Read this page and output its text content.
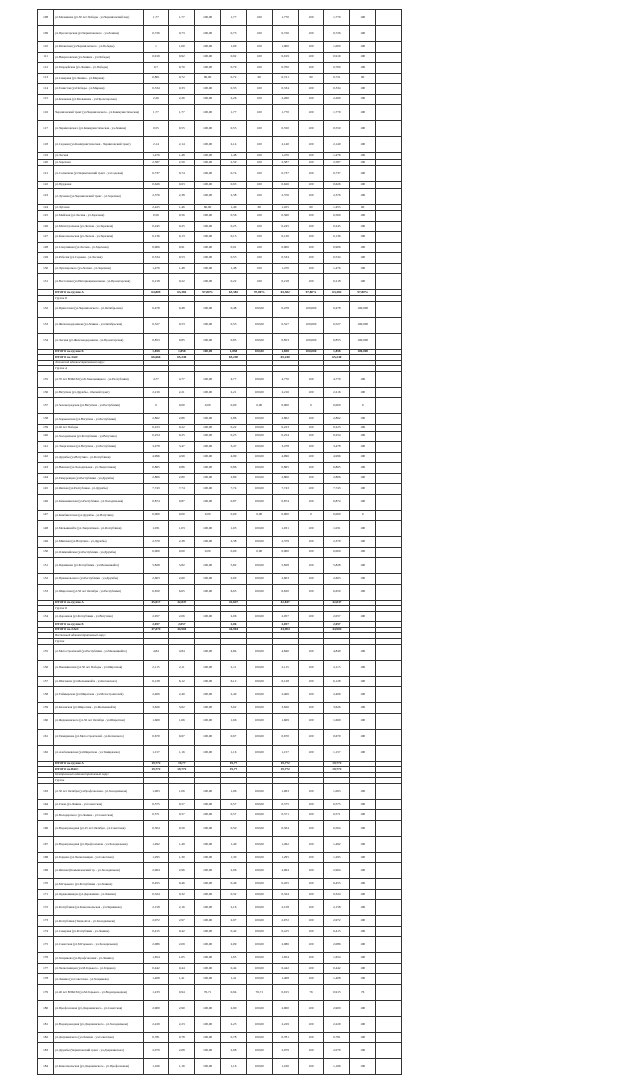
108	ул.Малышева (ул.50 лет Победы - ул.Черниговский пер)	1,77	1,77	100,00	1,77	100	1,770	100	1,770	100	
109	ул.Пролетарская (ул.Черниговского - ул.Ленина)	0,726	0,73	100,00	0,73	100	0,726	100	0,726	100	
110	ул.Рязанская (ул.Черниговского - ул.Победы)	1	1,00	100,00	1,00	100	1,000	100	1,000	100	
111	ул.Некрасовская (ул.Ленина - ул.Победы)	0,919	0,92	100,00	0,92	100	0,919	100	0,919	100	
112	ул.Гвардейская (ул.Ленина - ул.Победы)	0,7	0,70	100,00	0,70	100	0,700	100	0,700	100	
113	ул.Северная (ул.Ленина - ул.Мирная)	0,801	0,72	90,00	0,72	90	0,721	90	0,721	90	
114	ул.Тенистая (ул.Победы - ул.Мирная)	0,334	0,33	100,00	0,33	100	0,334	100	0,334	100	
115	ул.Кленовая (ул.Малышева - ул.Пролетарская)	2,26	2,26	100,00	2,26	100	2,260	100	2,260	100	
116	Черниговский тракт (ул.Черниговского - ул.Коммунистическая)	1,77	1,77	100,00	1,77	100	1,770	100	1,770	100	
117	ул.Черниговского (ул.Коммунистическая - ул.Ленина)	0,55	0,55	100,00	0,55	100	0,550	100	0,550	100	
118	ул.Садовая (ул.Коммунистическая - Черниговский тракт)	2,14	2,14	100,00	2,14	100	2,140	100	2,140	100	
119	ул.Лесная	1,476	1,48	100,00	1,48	100	1,476	100	1,476	100	
120	ул.Заречная	2,587	2,59	100,00	2,59	100	2,587	100	2,587	100	
121	ул.Солнечная (ул.Черниговский тракт - ул.Садовая)	0,737	0,74	100,00	0,74	100	0,737	100	0,737	100	
122	ул.Прудовая	0,626	0,63	100,00	0,63	100	0,626	100	0,626	100	
123	ул.Лучевая (ул.Черниговский тракт - ул.Заречная)	2,376	2,38	100,00	2,38	100	2,376	100	2,376	100	
124	ул.Луговая	2,425	1,46	60,00	1,46	60	1,455	60	1,455	60	
125	ул.Майская (ул.Лесная - ул.Заречная)	0,56	0,56	100,00	0,56	100	0,560	100	0,560	100	
126	ул.Магистральная (ул.Лесная - ул.Заречная)	0,245	0,25	100,00	0,25	100	0,245	100	0,245	100	
127	ул.Комсомольская (ул.Лесная - ул.Заречная)	0,136	0,13	100,00	0,13	100	0,136	100	0,136	100	
128	ул.Спортивная (ул.Лесная - ул.Заречная)	0,906	0,91	100,00	0,91	100	0,906	100	0,906	100	
129	ул.Рабочая (ул.Садовая - ул.Лесная)	0,534	0,53	100,00	0,53	100	0,534	100	0,534	100	
130	ул.Луначарского (ул.Лесная - ул.Заречная)	1,476	1,48	100,00	1,48	100	1,476	100	1,476	100	
131	ул.Восточная (ул.Интернациональная - ул.Пролетарская)	0,218	0,22	100,00	0,22	100	0,218	100	0,218	100	
	ИТОГО по группе А	64,809	63,382	97,80%	63,382	97,80%	63,382	97,80%	63,382	97,80%	
	Группа Б										
132	ул.Приютская (ул.Черниговского - ул.Октябрьская)	0,478	0,48	100,00	0,48	100,00	0,478	100,000	0,478	100,000	
133	ул.Железнодорожная (ул.Ленина - ул.Октябрьская)	0,527	0,53	100,00	0,53	100,00	0,527	100,000	0,527	100,000	
134	ул.Лесная (ул.Железнодорожная - ул.Пролетарская)	0,853	0,85	100,00	0,85	100,00	0,853	100,000	0,853	100,000	
	ИТОГО по группе Б	1,858	1,858	100,00	1,858	100,00	1,858	100,000	1,858	100,000	
	ИТОГО по ЗАО:	66,666	65,240		65,240		65,240		65,240		
	Ленинский административный округ										
	Группа А										
135	ул.70 лет ВЛКСМ (ул.Б.Хмельницкого - ул.Республики)	4,77	4,77	100,00	4,77	100,00	4,770	100	4,770	100	
136	ул.Ватутина (ул.Дружбы - Омский тракт)	2,216	2,21	100,00	2,21	100,00	2,216	100	2,216	100	
137	ул.Зеленоградская (ул.Ватутина - ул.Республики)	0	0,00	0,00	0,00	0,00	0,000	0	0,000	0	
138	ул.Харьковская (ул.Ватутина - ул.Республики)	2,862	2,86	100,00	2,86	100,00	2,862	100	2,862	100	
139	ул.40 лет Победы	0,223	0,22	100,00	0,22	100,00	0,223	100	0,223	100	
140	ул.Холодильная (ул.Республики - ул.Ватутина)	0,254	0,25	100,00	0,25	100,00	0,254	100	0,254	100	
141	ул.Энергетиков (ул.Ватутина - ул.Республики)	3,478	3,47	100,00	3,47	100,00	3,478	100	3,478	100	
142	ул.Дружбы (ул.Ватутина - ул.Республики)	4,996	4,99	100,00	4,99	100,00	4,996	100	4,996	100	
143	ул.Невская (ул.Холодильная - ул.Энергетиков)	0,865	0,86	100,00	0,86	100,00	0,865	100	0,865	100	
144	ул.Тимуровцев (ул.Республики - ул.Дружбы)	2,806	2,80	100,00	2,80	100,00	2,806	100	2,806	100	
145	ул.Ямская (ул.Республики - ул.Дружбы)	7,743	7,74	100,00	7,74	100,00	7,743	100	7,743	100	
146	ул.Камышинская (ул.Республики - ул.Холодильная)	0,874	0,87	100,00	0,87	100,00	0,874	100	0,874	100	
147	ул.Комбинатская (ул.Дружбы - ул.Ватутина)	0,000	0,00	0,00	0,00	0,00	0,000	0	0,000	0	
148	ул.Мельникайте (ул.Энергетиков - ул.Республики)	1,031	1,03	100,00	1,03	100,00	1,031	100	1,031	100	
149	ул.Минская (ул.Ватутина - ул.Дружбы)	2,379	2,38	100,00	2,38	100,00	2,379	100	2,379	100	
150	ул.Олимпийская (ул.Республики - ул.Дружбы)	0,000	0,00	0,00	0,00	0,00	0,000	100	0,000	100	
151	ул.Пермякова (ул.Республики - ул.Мельникайте)	5,828	5,82	100,00	5,82	100,00	5,828	100	5,828	100	
152	ул.Пржевальского (ул.Республики - ул.Дружбы)	2,603	2,60	100,00	2,60	100,00	2,603	100	2,603	100	
153	ул.Широтная (ул.50 лет Октября - ул.Республики)	6,650	6,65	100,00	6,65	100,00	6,650	100	6,650	100	
	ИТОГО по группе А	45,017	42,847		42,847		42,847		42,847		
	Группа Б										
154	ул.Дорожная (ул.Республики - ул.Ватутина)	2,057	2,06	100,00	2,06	100,00	2,057	100	2,057	100	
	ИТОГО по группе Б	2,057	2,057		2,06		2,057		2,057		
	ИТОГО по ЛАО:	47,074	44,904		44,904		44,904		44,904		
	Восточный административный округ										
	Группа										
155	ул.Мотостроителей (ул.Республики - ул.Мельникайте)	4,84	4,84	100,00	4,84	100,00	4,840	100	4,840	100	
156	ул.Пышминская (ул.50 лет Победы - ул.Широтная)	2,115	2,11	100,00	2,11	100,00	2,115	100	2,115	100	
157	ул.Шаганова (ул.Мельникайте - ул.Котовского)	6,128	6,12	100,00	6,12	100,00	6,128	100	6,128	100	
158	ул.Таймырская (ул.Широтная - ул.Мотостроителей)	2,406	2,40	100,00	2,40	100,00	2,406	100	2,406	100	
159	ул.Казанская (ул.Широтная - ул.Мельникайте)	3,626	3,62	100,00	3,62	100,00	3,626	100	3,626	100	
160	ул.Федюнинского (ул.50 лет Октября - ул.Широтная)	1,669	1,66	100,00	1,66	100,00	1,669	100	1,669	100	
161	ул.Тимирязева (ул.Мотостроителей - ул.Котовского)	0,670	0,67	100,00	0,67	100,00	0,670	100	0,670	100	
162	ул.Алебашевская (ул.Широтная - ул.Тимирязева)	1,157	1,16	100,00	1,16	100,00	1,157	100	1,157	100	
	ИТОГО по группе А	19,772	19,77		19,77		19,772		19,772		
	ИТОГО по ВАО:	19,772	19,772		19,77		19,772		19,772		
	Центральный административный округ										
	Группа										
163	ул.50 лет Октября (ул.Профсоюзная - ул.Холодильная)	1,063	1,06	100,00	1,06	100,00	1,063	100	1,063	100	
164	ул.9 мая (ул.Ленина - ул.Советская)	0,575	0,57	100,00	0,57	100,00	0,575	100	0,575	100	
165	ул.Володарского (ул.Ленина - ул.Советская)	0,571	0,57	100,00	0,57	100,00	0,571	100	0,571	100	
166	ул.Водопроводная (ул.25 лет Октября - ул.Советская)	0,504	0,50	100,00	0,50	100,00	0,504	100	0,504	100	
167	ул.Водопроводная (ул.Профсоюзная - ул.Холодильная)	1,492	1,49	100,00	1,49	100,00	1,492	100	1,492	100	
168	ул.Герцена (ул.Челюскинцев - ул.Советская)	1,295	1,30	100,00	1,30	100,00	1,295	100	1,295	100	
169	ул.Ямская (Камышловский тр. - ул.Холодильная)	2,964	2,96	100,00	2,96	100,00	2,964	100	2,964	100	
170	ул.М.Горького (ул.Республики - ул.Ленина)	0,455	0,46	100,00	0,46	100,00	0,455	100	0,455	100	
171	ул.Орджоникидзе (ул.Державина - ул.Ленина)	0,324	0,32	100,00	0,32	100,00	0,324	100	0,324	100	
172	ул.Республики (ул.Комсомольская - ул.Пермякова)	2,158	2,16	100,00	2,16	100,00	2,158	100	2,158	100	
173	ул.Республики (Тещи АСА - ул.Холодильная)	2,972	2,97	100,00	2,97	100,00	2,972	100	2,972	100	
174	ул.Северная (ул.Республики - ул.Ленина)	0,415	0,42	100,00	0,42	100,00	0,415	100	0,415	100	
175	ул.Советская (ул.М.Горького - ул.Холодильная)	2,086	2,09	100,00	2,09	100,00	2,086	100	2,086	100	
176	ул.Хохрякова (ул.Профсоюзная - ул.Ленина)	1,654	1,65	100,00	1,65	100,00	1,654	100	1,654	100	
177	ул.Челюскинцев (ул.М.Горького - ул.Герцена)	0,442	0,44	100,00	0,44	100,00	0,442	100	0,442	100	
178	ул.Ленина (ул.Советская - ул.Хохрякова)	1,408	1,41	100,00	1,41	100,00	1,408	100	1,408	100	
179	ул.40 лет ВЛКСМ (ул.М.Горького - ул.Водопроводная)	1,233	0,94	76,71	0,94	76,71	0,915	76	0,915	76	
180	ул.Профсоюзная (ул.Дзержинского - ул.Советская)	2,900	2,90	100,00	2,90	100,00	2,900	100	2,900	100	
181	ул.Водопроводная (ул.Дзержинского - ул.Холодильная)	2,229	2,23	100,00	2,23	100,00	2,229	100	2,229	100	
182	ул.Дзержинского (ул.Ленина - ул.Советская)	0,781	0,78	100,00	0,78	100,00	0,781	100	0,781	100	
183	ул.Дружбы (Черниговский тракт - ул.Дзержинского)	2,079	2,08	100,00	2,08	100,00	2,079	100	2,079	100	
184	ул.Комсомольская (ул.Дзержинского - ул.Профсоюзная)	1,166	1,16	100,00	1,16	100,00	1,166	100	1,166	100	
